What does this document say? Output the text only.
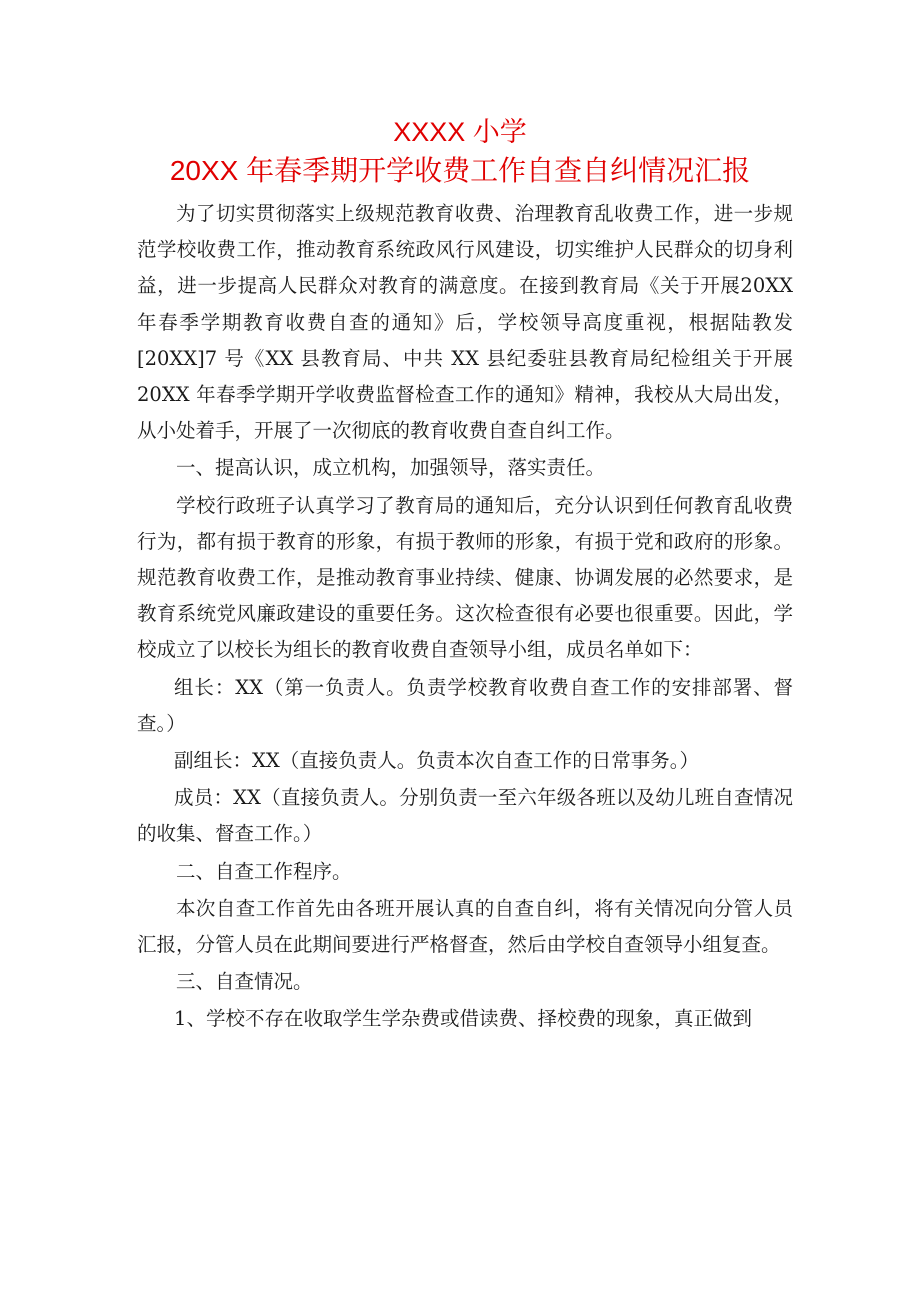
XXXX 小学
20XX 年春季期开学收费工作自查自纠情况汇报

为了切实贯彻落实上级规范教育收费、治理教育乱收费工作，进一步规范学校收费工作，推动教育系统政风行风建设，切实维护人民群众的切身利益，进一步提高人民群众对教育的满意度。在接到教育局《关于开展20XX 年春季学期教育收费自查的通知》后，学校领导高度重视，根据陆教发[20XX]7 号《XX 县教育局、中共 XX 县纪委驻县教育局纪检组关于开展20XX 年春季学期开学收费监督检查工作的通知》精神，我校从大局出发，从小处着手，开展了一次彻底的教育收费自查自纠工作。

一、提高认识，成立机构，加强领导，落实责任。

学校行政班子认真学习了教育局的通知后，充分认识到任何教育乱收费行为，都有损于教育的形象，有损于教师的形象，有损于党和政府的形象。规范教育收费工作，是推动教育事业持续、健康、协调发展的必然要求，是教育系统党风廉政建设的重要任务。这次检查很有必要也很重要。因此，学校成立了以校长为组长的教育收费自查领导小组，成员名单如下：

组长：XX（第一负责人。负责学校教育收费自查工作的安排部署、督查。）

副组长：XX（直接负责人。负责本次自查工作的日常事务。）

成员：XX（直接负责人。分别负责一至六年级各班以及幼儿班自查情况的收集、督查工作。）

二、自查工作程序。

本次自查工作首先由各班开展认真的自查自纠，将有关情况向分管人员汇报，分管人员在此期间要进行严格督查，然后由学校自查领导小组复查。

三、自查情况。

1、学校不存在收取学生学杂费或借读费、择校费的现象，真正做到
